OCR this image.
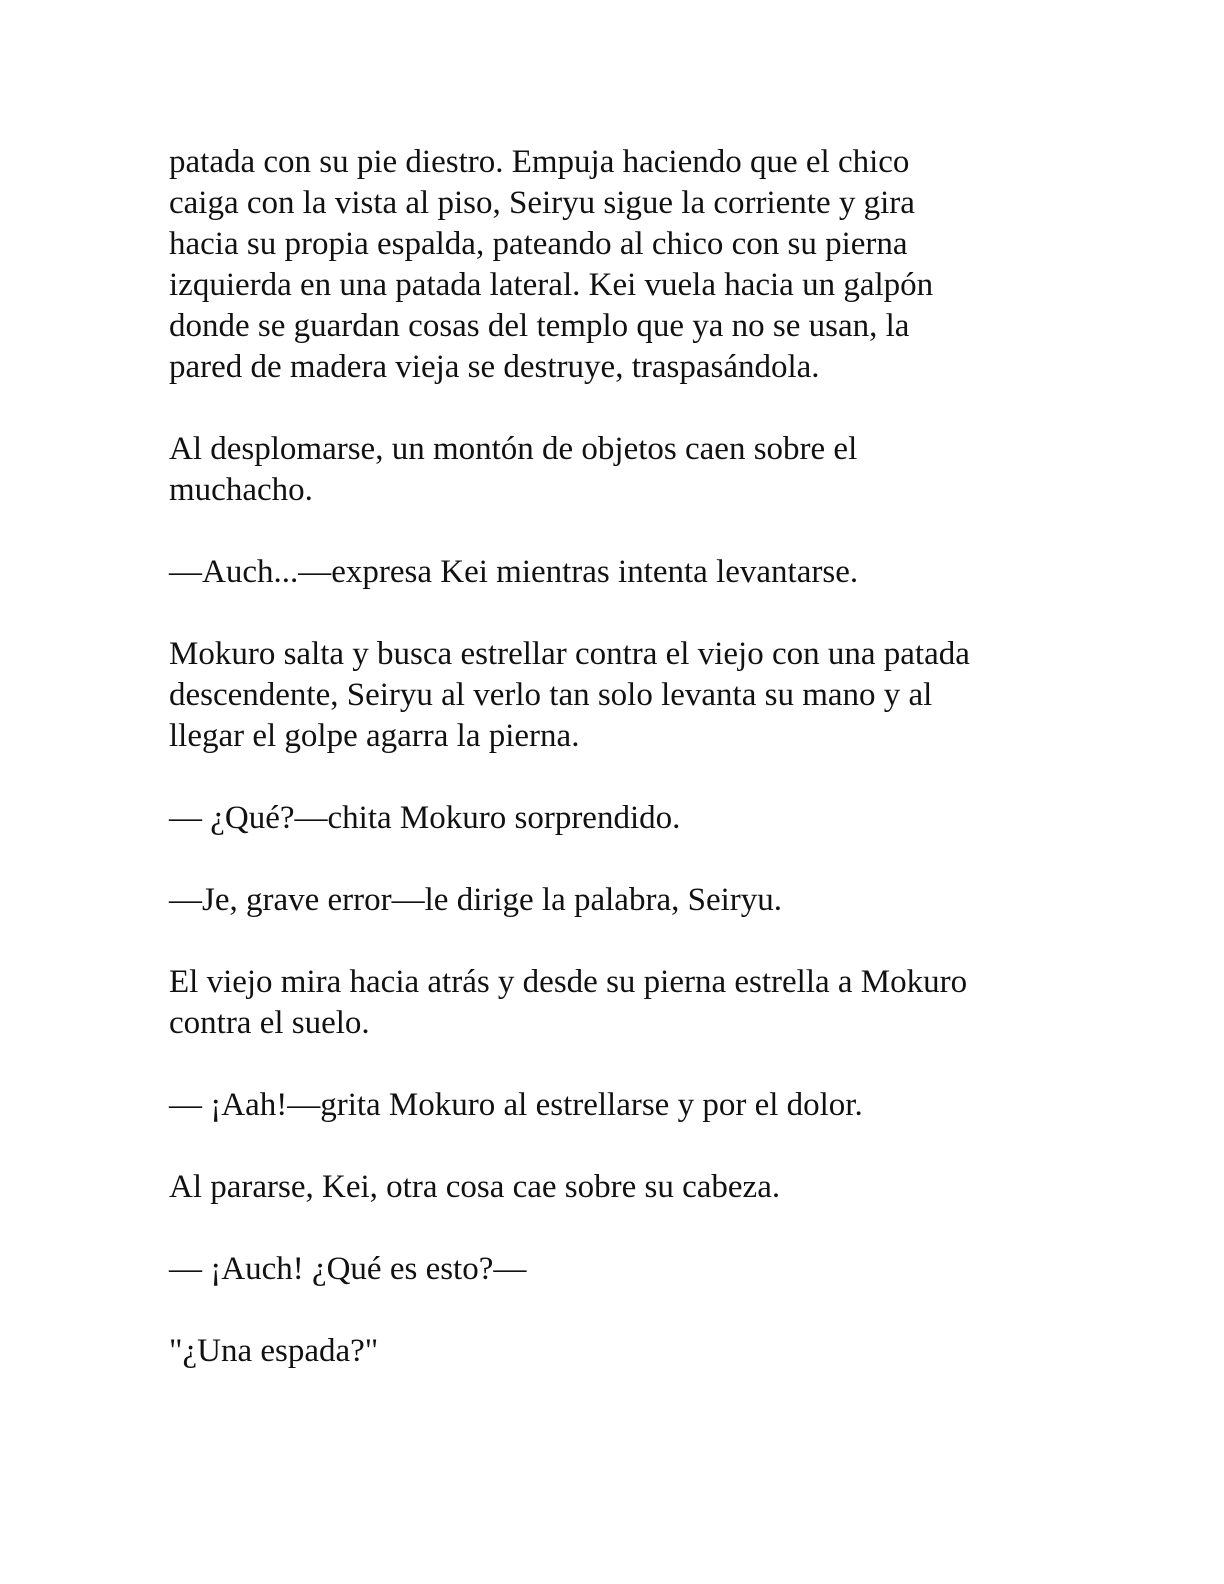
patada con su pie diestro. Empuja haciendo que el chico
caiga con la vista al piso, Seiryu sigue la corriente y gira
hacia su propia espalda, pateando al chico con su pierna
izquierda en una patada lateral. Kei vuela hacia un galpón
donde se guardan cosas del templo que ya no se usan, la
pared de madera vieja se destruye, traspasándola.

Al desplomarse, un montón de objetos caen sobre el
muchacho.

—Auch...—expresa Kei mientras intenta levantarse.

Mokuro salta y busca estrellar contra el viejo con una patada
descendente, Seiryu al verlo tan solo levanta su mano y al
llegar el golpe agarra la pierna.

— ¿Qué?—chita Mokuro sorprendido.

—Je, grave error—le dirige la palabra, Seiryu.

El viejo mira hacia atrás y desde su pierna estrella a Mokuro
contra el suelo.

— ¡Aah!—grita Mokuro al estrellarse y por el dolor.

Al pararse, Kei, otra cosa cae sobre su cabeza.

— ¡Auch! ¿Qué es esto?—

"¿Una espada?"
